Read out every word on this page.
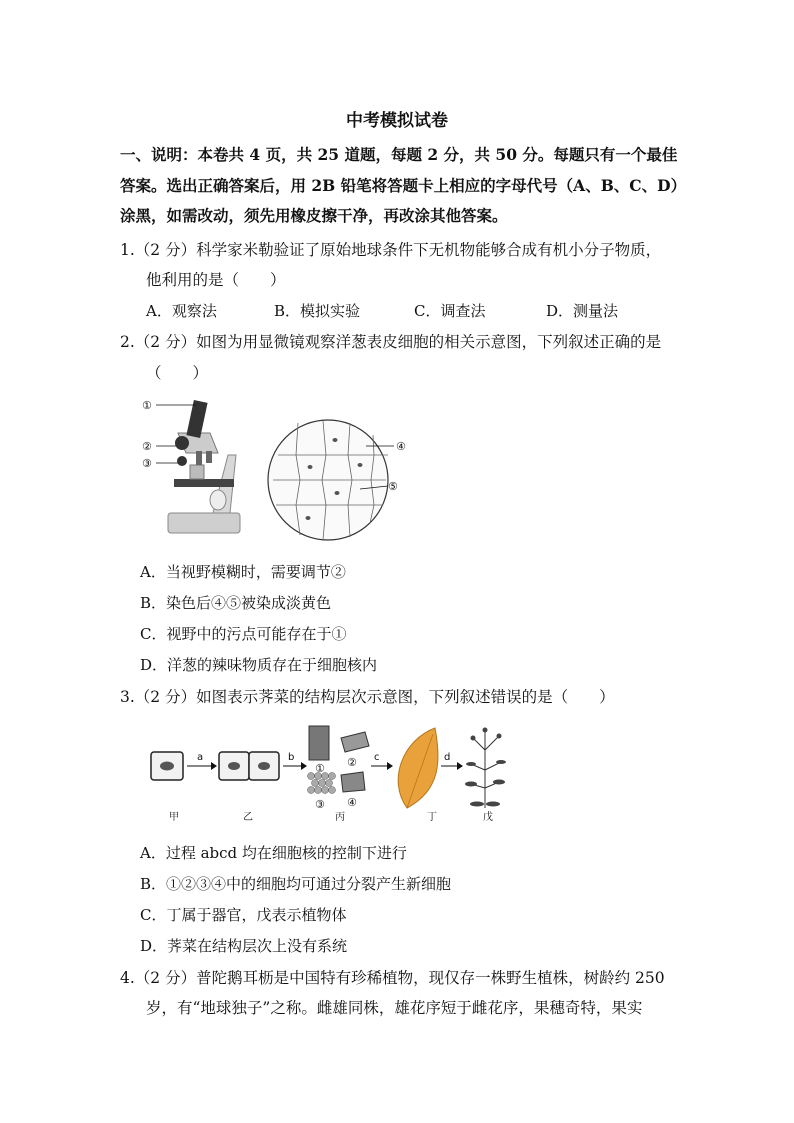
中考模拟试卷
一、说明：本卷共 4 页，共 25 道题，每题 2 分，共 50 分。每题只有一个最佳
答案。选出正确答案后，用 2B 铅笔将答题卡上相应的字母代号（A、B、C、D）
涂黑，如需改动，须先用橡皮擦干净，再改涂其他答案。
1.（2 分）科学家米勒验证了原始地球条件下无机物能够合成有机小分子物质，
他利用的是（　　）
A．观察法	B．模拟实验	C．调查法	D．测量法
2.（2 分）如图为用显微镜观察洋葱表皮细胞的相关示意图，下列叙述正确的是
（　　）
①
②
③
④
⑤
A．当视野模糊时，需要调节②
B．染色后④⑤被染成淡黄色
C．视野中的污点可能存在于①
D．洋葱的辣味物质存在于细胞核内
3.（2 分）如图表示荠菜的结构层次示意图，下列叙述错误的是（　　）
a	b
① ②
③ ④
c	d
甲	乙	丙	丁	戊
A．过程 abcd 均在细胞核的控制下进行
B．①②③④中的细胞均可通过分裂产生新细胞
C．丁属于器官，戊表示植物体
D．荠菜在结构层次上没有系统
4.（2 分）普陀鹅耳枥是中国特有珍稀植物，现仅存一株野生植株，树龄约 250
岁，有“地球独子”之称。雌雄同株，雄花序短于雌花序，果穗奇特，果实
